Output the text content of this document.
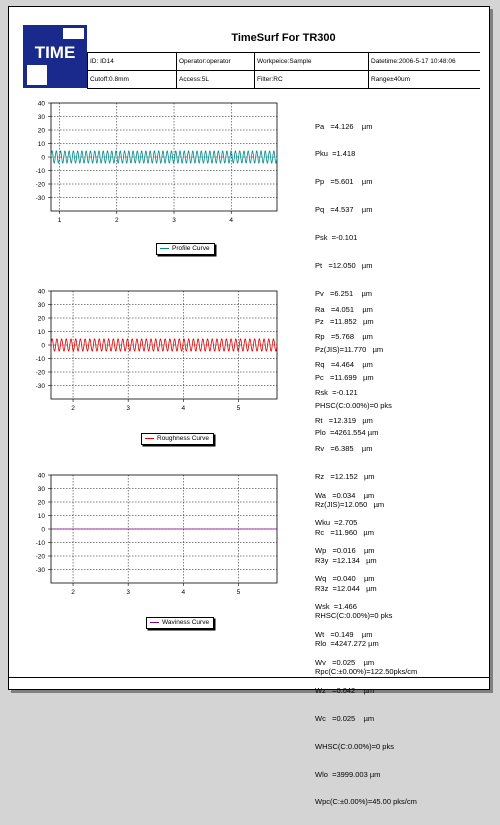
TIME
TimeSurf For TR300
ID: ID14	Operator:operator	Workpeice:Sample	Datetime:2006-5-17 10:48:06
Cutoff:0.8mm	Access:5L	Filter:RC	Range±40um
40
30
20
10
0
-10
-20
-30
1	2	3	4
Profile Curve

Pa   =4.126    µm

Pku  =1.418

Pp   =5.601    µm

Pq   =4.537    µm

Psk  =-0.101

Pt   =12.050   µm

Pv   =6.251    µm

Pz   =11.852   µm

Pz(JIS)=11.770   µm

Pc   =11.699   µm

PHSC(C:0.00%)=0 pks

Plo  =4261.554 µm

40
30
20
10
0
-10
-20
-30
2	3	4	5
Roughness Curve

Ra   =4.051    µm

Rp   =5.768    µm

Rq   =4.464    µm

Rsk  =-0.121

Rt   =12.319   µm

Rv   =6.385    µm

Rz   =12.152   µm

Rz(JIS)=12.050   µm

Rc   =11.960   µm

R3y  =12.134   µm

R3z  =12.044   µm

RHSC(C:0.00%)=0 pks

Rlo  =4247.272 µm

Rpc(C:±0.00%)=122.50pks/cm

40
30
20
10
0
-10
-20
-30
2	3	4	5
Waviness Curve

Wa   =0.034    µm

Wku  =2.705

Wp   =0.016    µm

Wq   =0.040    µm

Wsk  =1.466

Wt   =0.149    µm

Wv   =0.025    µm

Wz   =0.042    µm

Wc   =0.025    µm

WHSC(C:0.00%)=0 pks

Wlo  =3999.003 µm

Wpc(C:±0.00%)=45.00 pks/cm
